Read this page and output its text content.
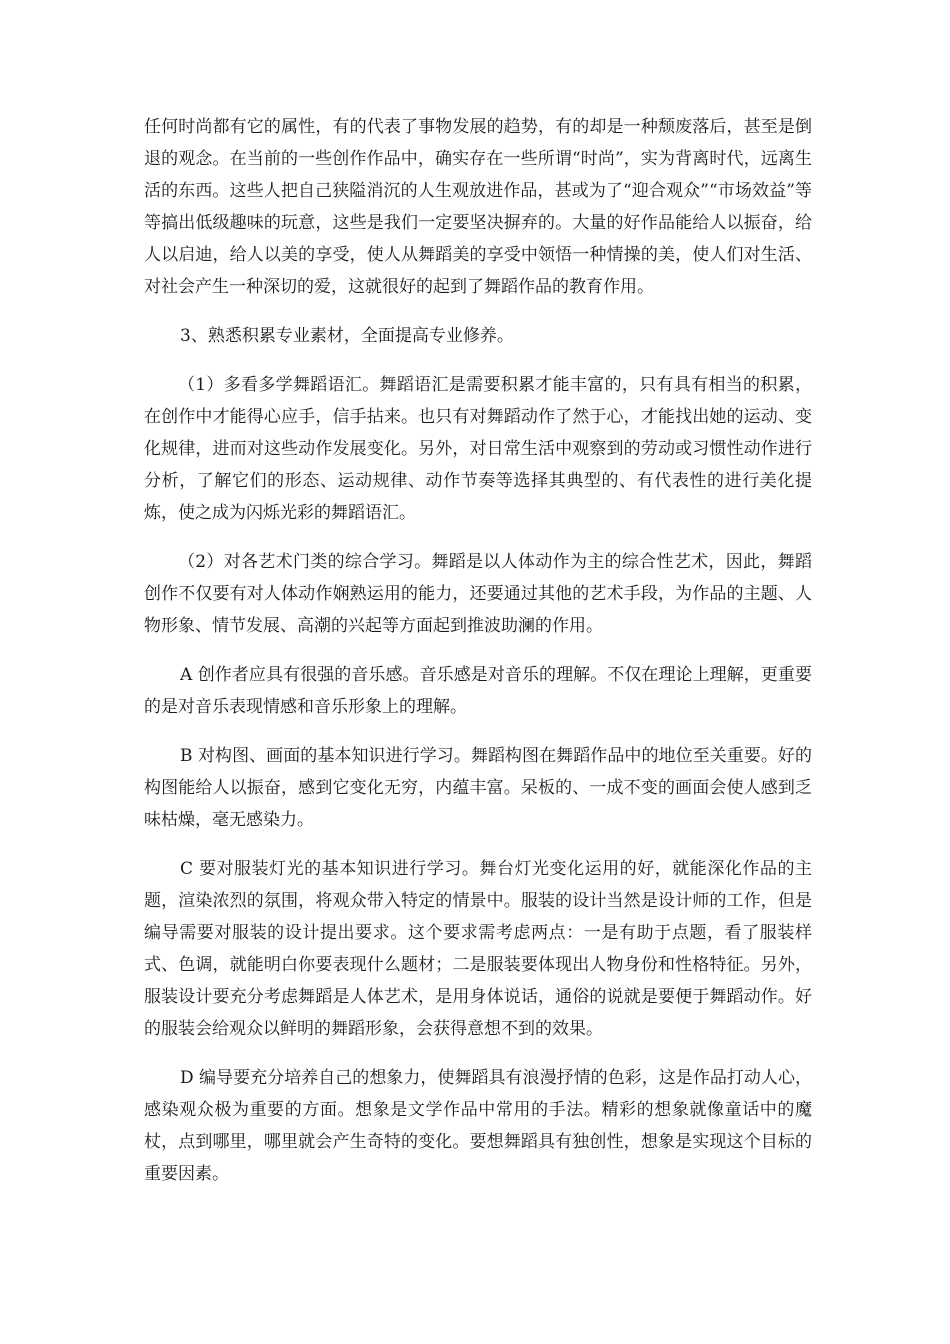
任何时尚都有它的属性，有的代表了事物发展的趋势，有的却是一种颓废落后，甚至是倒退的观念。在当前的一些创作作品中，确实存在一些所谓“时尚”，实为背离时代，远离生活的东西。这些人把自己狭隘消沉的人生观放进作品，甚或为了“迎合观众”“市场效益”等等搞出低级趣味的玩意，这些是我们一定要坚决摒弃的。大量的好作品能给人以振奋，给人以启迪，给人以美的享受，使人从舞蹈美的享受中领悟一种情操的美，使人们对生活、对社会产生一种深切的爱，这就很好的起到了舞蹈作品的教育作用。

3、熟悉积累专业素材，全面提高专业修养。

（1）多看多学舞蹈语汇。舞蹈语汇是需要积累才能丰富的，只有具有相当的积累，在创作中才能得心应手，信手拈来。也只有对舞蹈动作了然于心，才能找出她的运动、变化规律，进而对这些动作发展变化。另外，对日常生活中观察到的劳动或习惯性动作进行分析，了解它们的形态、运动规律、动作节奏等选择其典型的、有代表性的进行美化提炼，使之成为闪烁光彩的舞蹈语汇。

（2）对各艺术门类的综合学习。舞蹈是以人体动作为主的综合性艺术，因此，舞蹈创作不仅要有对人体动作娴熟运用的能力，还要通过其他的艺术手段，为作品的主题、人物形象、情节发展、高潮的兴起等方面起到推波助澜的作用。

A 创作者应具有很强的音乐感。音乐感是对音乐的理解。不仅在理论上理解，更重要的是对音乐表现情感和音乐形象上的理解。

B 对构图、画面的基本知识进行学习。舞蹈构图在舞蹈作品中的地位至关重要。好的构图能给人以振奋，感到它变化无穷，内蕴丰富。呆板的、一成不变的画面会使人感到乏味枯燥，毫无感染力。

C 要对服装灯光的基本知识进行学习。舞台灯光变化运用的好，就能深化作品的主题，渲染浓烈的氛围，将观众带入特定的情景中。服装的设计当然是设计师的工作，但是编导需要对服装的设计提出要求。这个要求需考虑两点：一是有助于点题，看了服装样式、色调，就能明白你要表现什么题材；二是服装要体现出人物身份和性格特征。另外，服装设计要充分考虑舞蹈是人体艺术，是用身体说话，通俗的说就是要便于舞蹈动作。好的服装会给观众以鲜明的舞蹈形象，会获得意想不到的效果。

D 编导要充分培养自己的想象力，使舞蹈具有浪漫抒情的色彩，这是作品打动人心，感染观众极为重要的方面。想象是文学作品中常用的手法。精彩的想象就像童话中的魔杖，点到哪里，哪里就会产生奇特的变化。要想舞蹈具有独创性，想象是实现这个目标的重要因素。
